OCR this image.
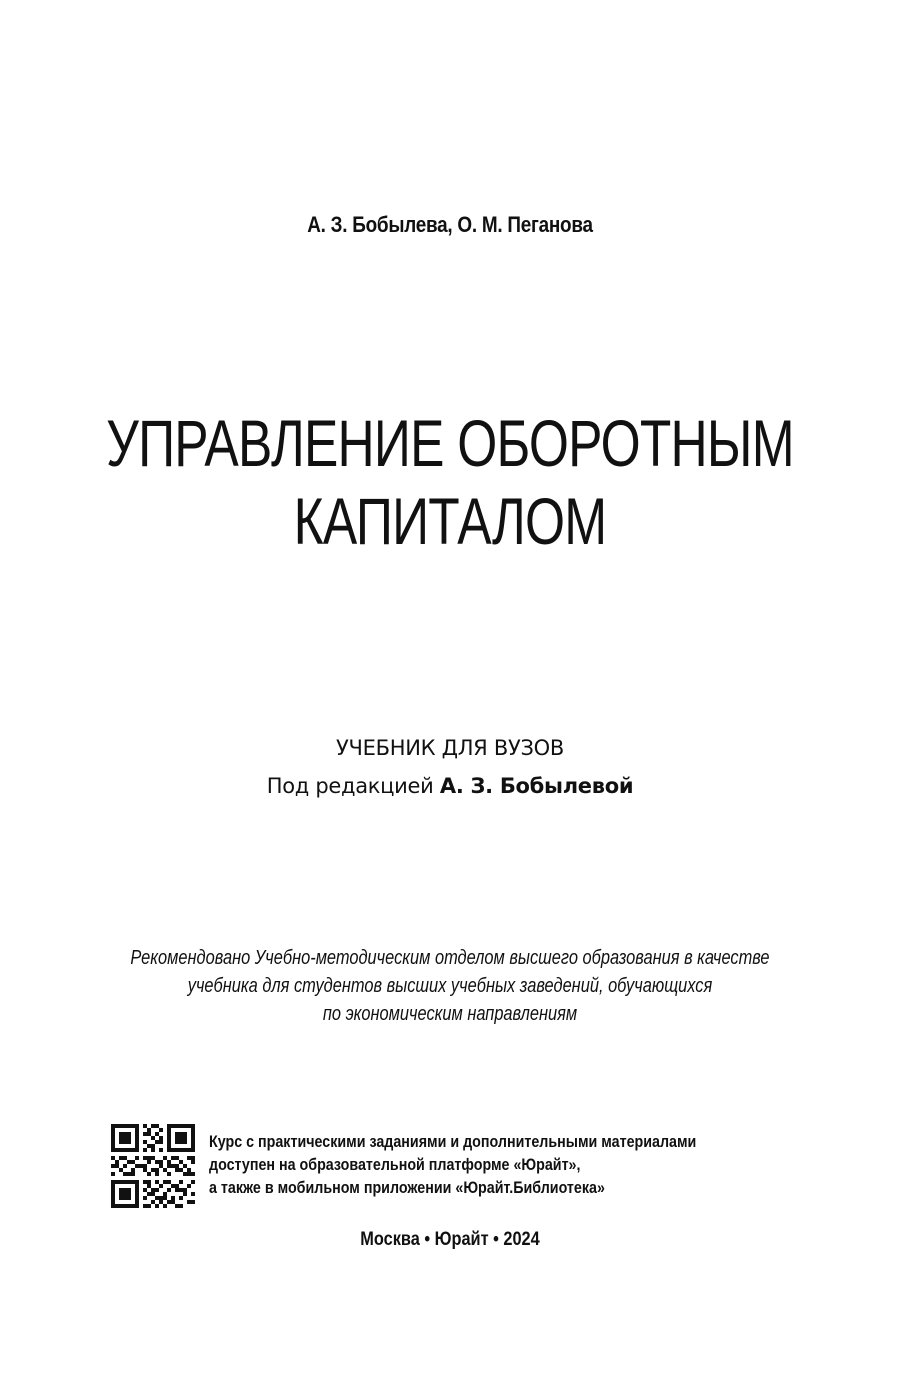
А. З. Бобылева, О. М. Пеганова
УПРАВЛЕНИЕ ОБОРОТНЫМ
КАПИТАЛОМ
УЧЕБНИК ДЛЯ ВУЗОВ
Под редакцией А. З. Бобылевой
Рекомендовано Учебно-методическим отделом высшего образования в качестве
учебника для студентов высших учебных заведений, обучающихся
по экономическим направлениям
Курс с практическими заданиями и дополнительными материалами
доступен на образовательной платформе «Юрайт»,
а также в мобильном приложении «Юрайт.Библиотека»
Москва • Юрайт • 2024
